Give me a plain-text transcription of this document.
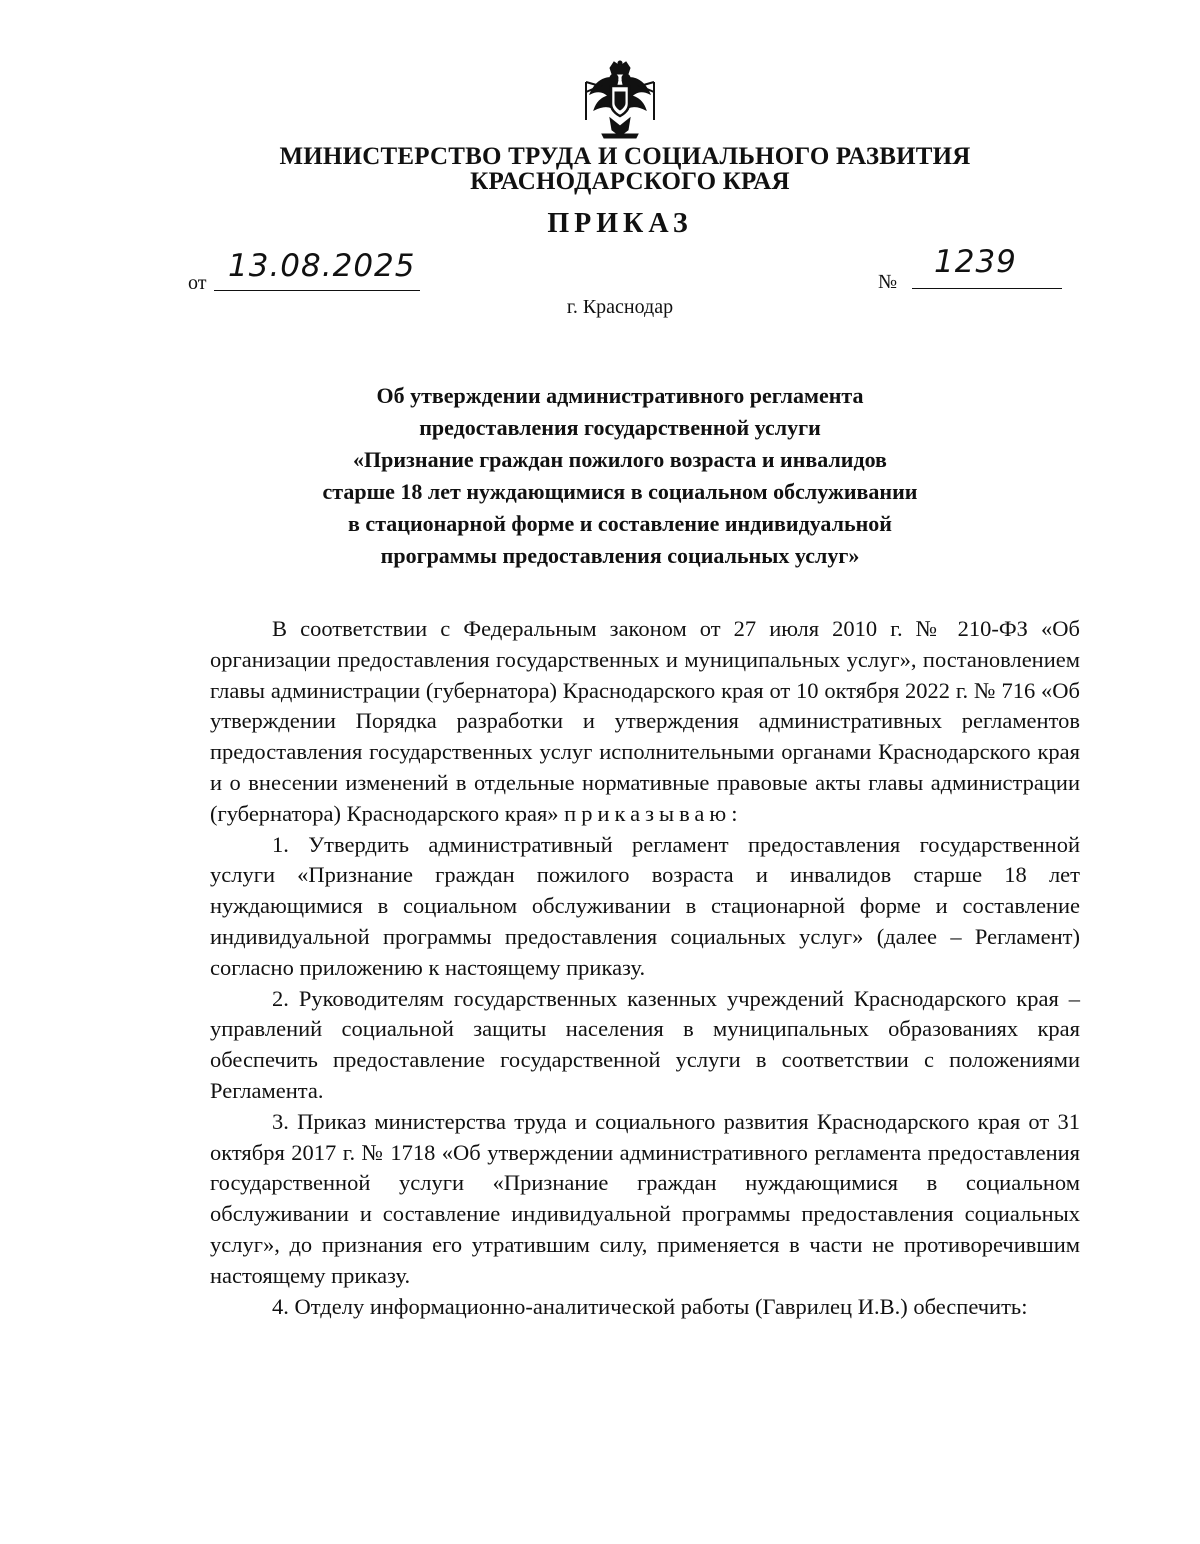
МИНИСТЕРСТВО ТРУДА И СОЦИАЛЬНОГО РАЗВИТИЯ
КРАСНОДАРСКОГО КРАЯ
ПРИКАЗ
от 13.08.2025	№
1239
г. Краснодар
Об утверждении административного регламента
предоставления государственной услуги
«Признание граждан пожилого возраста и инвалидов
старше 18 лет нуждающимися в социальном обслуживании
в стационарной форме и составление индивидуальной
программы предоставления социальных услуг»

В соответствии с Федеральным законом от 27 июля 2010 г. № 210-ФЗ «Об организации предоставления государственных и муниципальных услуг», постановлением главы администрации (губернатора) Краснодарского края от 10 октября 2022 г. № 716 «Об утверждении Порядка разработки и утверждения административных регламентов предоставления государственных услуг исполнительными органами Краснодарского края и о внесении изменений в отдельные нормативные правовые акты главы администрации (губернатора) Краснодарского края» приказываю:

1. Утвердить административный регламент предоставления государственной услуги «Признание граждан пожилого возраста и инвалидов старше 18 лет нуждающимися в социальном обслуживании в стационарной форме и составление индивидуальной программы предоставления социальных услуг» (далее – Регламент) согласно приложению к настоящему приказу.

2. Руководителям государственных казенных учреждений Краснодарского края – управлений социальной защиты населения в муниципальных образованиях края обеспечить предоставление государственной услуги в соответствии с положениями Регламента.

3. Приказ министерства труда и социального развития Краснодарского края от 31 октября 2017 г. № 1718 «Об утверждении административного регламента предоставления государственной услуги «Признание граждан нуждающимися в социальном обслуживании и составление индивидуальной программы предоставления социальных услуг», до признания его утратившим силу, применяется в части не противоречившим настоящему приказу.

4. Отделу информационно-аналитической работы (Гаврилец И.В.) обеспечить:
